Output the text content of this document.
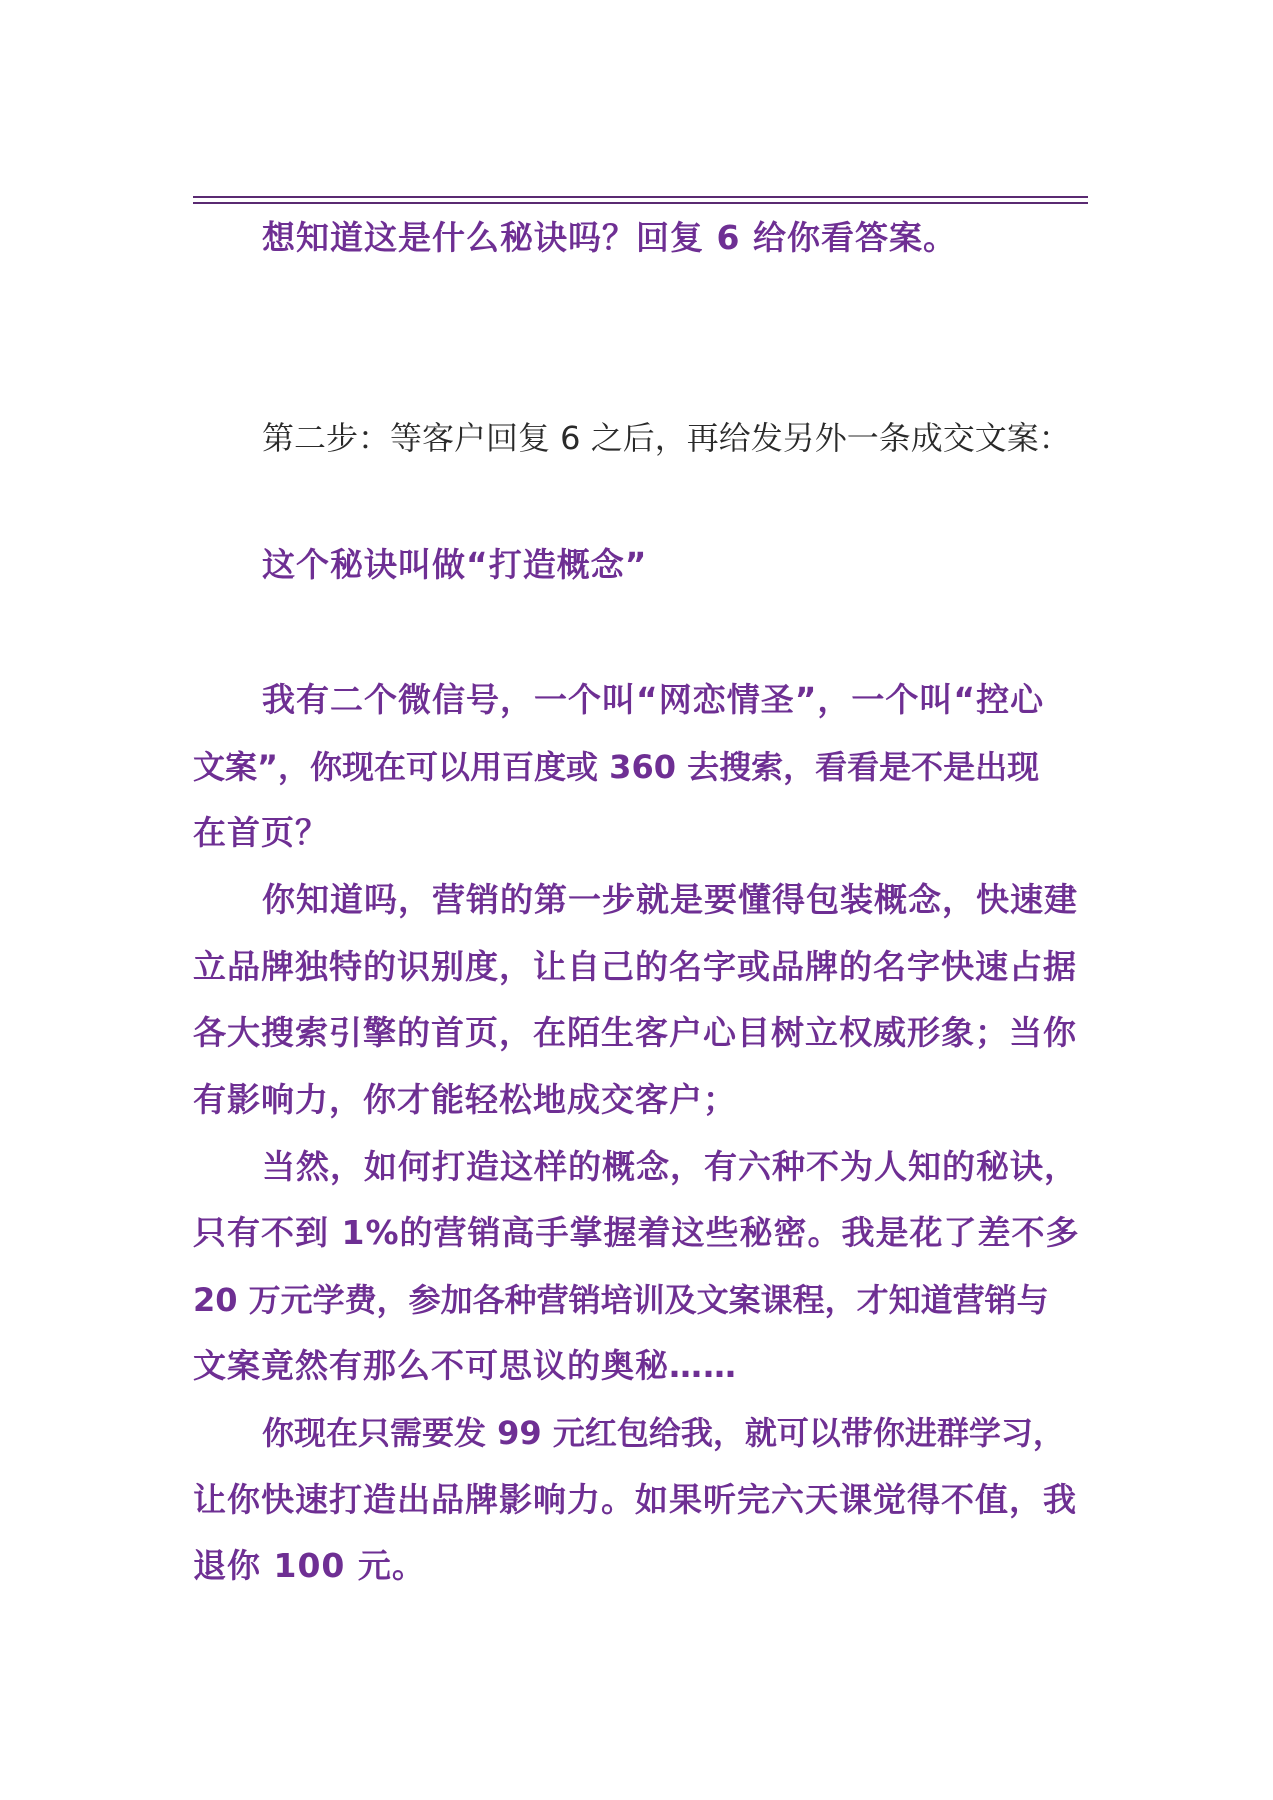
想知道这是什么秘诀吗？回复 6 给你看答案。
第二步：等客户回复 6 之后，再给发另外一条成交文案：
这个秘诀叫做“打造概念”
我有二个微信号，一个叫“网恋情圣”，一个叫“控心
文案”，你现在可以用百度或 360 去搜索，看看是不是出现
在首页？
你知道吗，营销的第一步就是要懂得包装概念，快速建
立品牌独特的识别度，让自己的名字或品牌的名字快速占据
各大搜索引擎的首页，在陌生客户心目树立权威形象；当你
有影响力，你才能轻松地成交客户；
当然，如何打造这样的概念，有六种不为人知的秘诀，
只有不到 1%的营销高手掌握着这些秘密。我是花了差不多
20 万元学费，参加各种营销培训及文案课程，才知道营销与
文案竟然有那么不可思议的奥秘……
你现在只需要发 99 元红包给我，就可以带你进群学习，
让你快速打造出品牌影响力。如果听完六天课觉得不值，我
退你 100 元。
